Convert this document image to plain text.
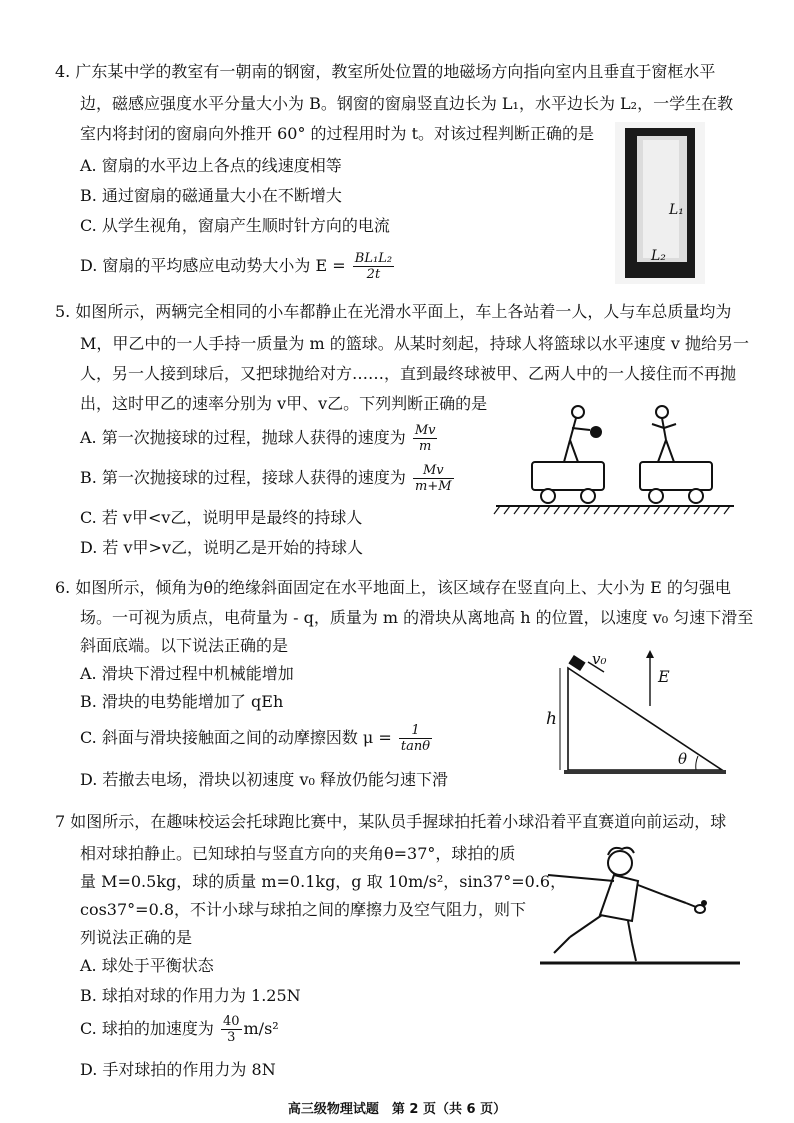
4. 广东某中学的教室有一朝南的钢窗，教室所处位置的地磁场方向指向室内且垂直于窗框水平
边，磁感应强度水平分量大小为 B。钢窗的窗扇竖直边长为 L₁，水平边长为 L₂，一学生在教
室内将封闭的窗扇向外推开 60° 的过程用时为 t。对该过程判断正确的是
A. 窗扇的水平边上各点的线速度相等
B. 通过窗扇的磁通量大小在不断增大
C. 从学生视角，窗扇产生顺时针方向的电流
D. 窗扇的平均感应电动势大小为 $E = \frac{\text{BL₁L₂}}{2t}$
L₁
L₂
5. 如图所示，两辆完全相同的小车都静止在光滑水平面上，车上各站着一人，人与车总质量均为
M，甲乙中的一人手持一质量为 m 的篮球。从某时刻起，持球人将篮球以水平速度 v 抛给另一
人，另一人接到球后，又把球抛给对方……，直到最终球被甲、乙两人中的一人接住而不再抛
出，这时甲乙的速率分别为 v甲、v乙。下列判断正确的是
A. 第一次抛接球的过程，抛球人获得的速度为 $\frac{Mv}{m}$
B. 第一次抛接球的过程，接球人获得的速度为 $\frac{Mv}{m+M}$
C. 若 v甲<v乙，说明甲是最终的持球人
D. 若 v甲>v乙，说明乙是开始的持球人
6. 如图所示，倾角为θ的绝缘斜面固定在水平地面上，该区域存在竖直向上、大小为 E 的匀强电
场。一可视为质点，电荷量为 - q，质量为 m 的滑块从离地高 h 的位置，以速度 v₀ 匀速下滑至
斜面底端。以下说法正确的是
A. 滑块下滑过程中机械能增加
B. 滑块的电势能增加了 qEh
C. 斜面与滑块接触面之间的动摩擦因数 $\mu = \frac{1}{\tan\theta}$
D. 若撤去电场，滑块以初速度 v₀ 释放仍能匀速下滑
v₀
E
h
θ
7 如图所示，在趣味校运会托球跑比赛中，某队员手握球拍托着小球沿着平直赛道向前运动，球
相对球拍静止。已知球拍与竖直方向的夹角θ=37°，球拍的质
量 M=0.5kg，球的质量 m=0.1kg，g 取 10m/s²，sin37°=0.6，
cos37°=0.8，不计小球与球拍之间的摩擦力及空气阻力，则下
列说法正确的是
A. 球处于平衡状态
B. 球拍对球的作用力为 1.25N
C. 球拍的加速度为 $\frac{40}{3} m/s^2$
D. 手对球拍的作用力为 8N
高三级物理试题　第 2 页（共 6 页）
